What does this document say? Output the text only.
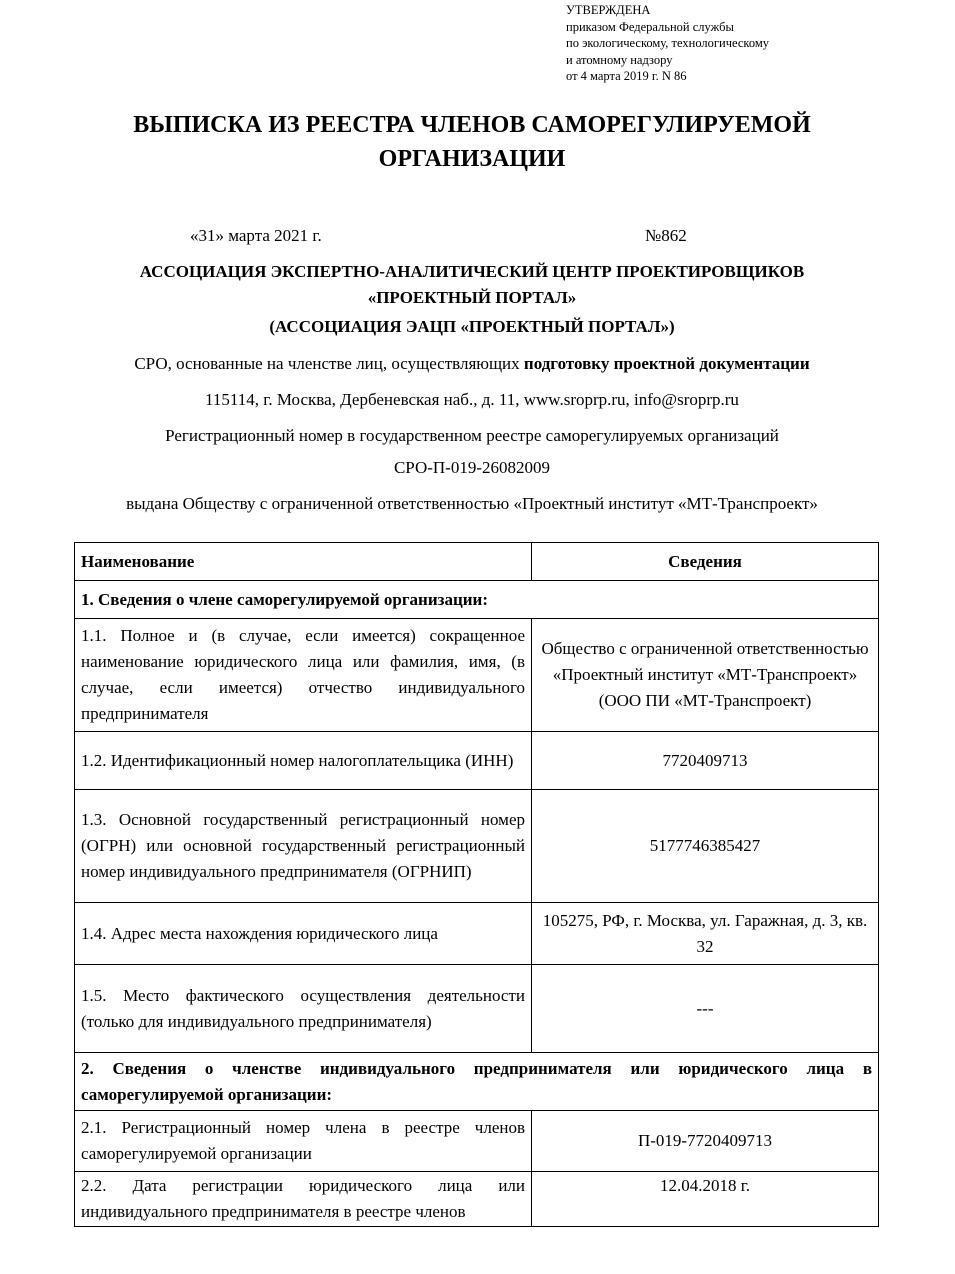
УТВЕРЖДЕНА
приказом Федеральной службы
по экологическому, технологическому
и атомному надзору
от 4 марта 2019 г. N 86
ВЫПИСКА ИЗ РЕЕСТРА ЧЛЕНОВ САМОРЕГУЛИРУЕМОЙ
ОРГАНИЗАЦИИ
«31» марта 2021 г.	№862
АССОЦИАЦИЯ ЭКСПЕРТНО-АНАЛИТИЧЕСКИЙ ЦЕНТР ПРОЕКТИРОВЩИКОВ
«ПРОЕКТНЫЙ ПОРТАЛ»
(АССОЦИАЦИЯ ЭАЦП «ПРОЕКТНЫЙ ПОРТАЛ»)
СРО, основанные на членстве лиц, осуществляющих подготовку проектной документации
115114, г. Москва, Дербеневская наб., д. 11, www.sroprp.ru, info@sroprp.ru
Регистрационный номер в государственном реестре саморегулируемых организаций
СРО-П-019-26082009
выдана Обществу с ограниченной ответственностью «Проектный институт «МТ-Транспроект»
Наименование	Сведения
1. Сведения о члене саморегулируемой организации:	
1.1. Полное и (в случае, если имеется) сокращенное наименование юридического лица или фамилия, имя, (в случае, если имеется) отчество индивидуального предпринимателя	Общество с ограниченной ответственностью «Проектный институт «МТ-Транспроект» (ООО ПИ «МТ-Транспроект)
1.2. Идентификационный номер налогоплательщика (ИНН)	7720409713
1.3. Основной государственный регистрационный номер (ОГРН) или основной государственный регистрационный номер индивидуального предпринимателя (ОГРНИП)	5177746385427
1.4. Адрес места нахождения юридического лица	105275, РФ, г. Москва, ул. Гаражная, д. 3, кв. 32
1.5. Место фактического осуществления деятельности (только для индивидуального предпринимателя)	---
2. Сведения о членстве индивидуального предпринимателя или юридического лица в саморегулируемой организации:	
2.1. Регистрационный номер члена в реестре членов саморегулируемой организации	П-019-7720409713
2.2. Дата регистрации юридического лица или индивидуального предпринимателя в реестре членов	12.04.2018 г.
